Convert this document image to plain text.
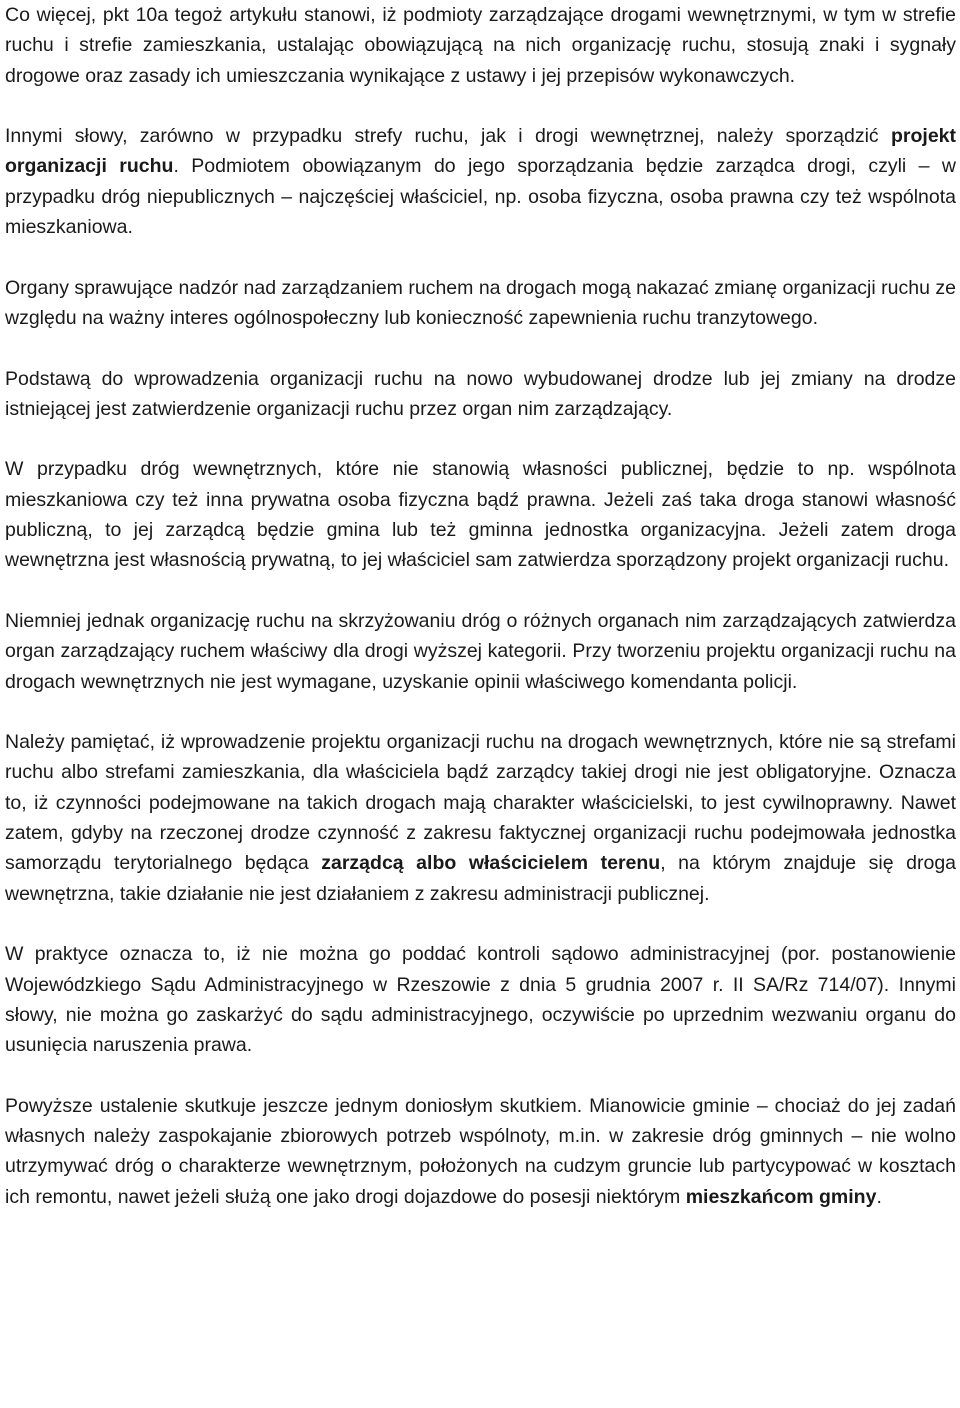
Co więcej, pkt 10a tegoż artykułu stanowi, iż podmioty zarządzające drogami wewnętrznymi, w tym w strefie ruchu i strefie zamieszkania, ustalając obowiązującą na nich organizację ruchu, stosują znaki i sygnały drogowe oraz zasady ich umieszczania wynikające z ustawy i jej przepisów wykonawczych.

Innymi słowy, zarówno w przypadku strefy ruchu, jak i drogi wewnętrznej, należy sporządzić projekt organizacji ruchu. Podmiotem obowiązanym do jego sporządzania będzie zarządca drogi, czyli – w przypadku dróg niepublicznych – najczęściej właściciel, np. osoba fizyczna, osoba prawna czy też wspólnota mieszkaniowa.

Organy sprawujące nadzór nad zarządzaniem ruchem na drogach mogą nakazać zmianę organizacji ruchu ze względu na ważny interes ogólnospołeczny lub konieczność zapewnienia ruchu tranzytowego.

Podstawą do wprowadzenia organizacji ruchu na nowo wybudowanej drodze lub jej zmiany na drodze istniejącej jest zatwierdzenie organizacji ruchu przez organ nim zarządzający.

W przypadku dróg wewnętrznych, które nie stanowią własności publicznej, będzie to np. wspólnota mieszkaniowa czy też inna prywatna osoba fizyczna bądź prawna. Jeżeli zaś taka droga stanowi własność publiczną, to jej zarządcą będzie gmina lub też gminna jednostka organizacyjna. Jeżeli zatem droga wewnętrzna jest własnością prywatną, to jej właściciel sam zatwierdza sporządzony projekt organizacji ruchu.

Niemniej jednak organizację ruchu na skrzyżowaniu dróg o różnych organach nim zarządzających zatwierdza organ zarządzający ruchem właściwy dla drogi wyższej kategorii. Przy tworzeniu projektu organizacji ruchu na drogach wewnętrznych nie jest wymagane, uzyskanie opinii właściwego komendanta policji.

Należy pamiętać, iż wprowadzenie projektu organizacji ruchu na drogach wewnętrznych, które nie są strefami ruchu albo strefami zamieszkania, dla właściciela bądź zarządcy takiej drogi nie jest obligatoryjne. Oznacza to, iż czynności podejmowane na takich drogach mają charakter właścicielski, to jest cywilnoprawny. Nawet zatem, gdyby na rzeczonej drodze czynność z zakresu faktycznej organizacji ruchu podejmowała jednostka samorządu terytorialnego będąca zarządcą albo właścicielem terenu, na którym znajduje się droga wewnętrzna, takie działanie nie jest działaniem z zakresu administracji publicznej.

W praktyce oznacza to, iż nie można go poddać kontroli sądowo administracyjnej (por. postanowienie Wojewódzkiego Sądu Administracyjnego w Rzeszowie z dnia 5 grudnia 2007 r. II SA/Rz 714/07). Innymi słowy, nie można go zaskarżyć do sądu administracyjnego, oczywiście po uprzednim wezwaniu organu do usunięcia naruszenia prawa.

Powyższe ustalenie skutkuje jeszcze jednym doniosłym skutkiem. Mianowicie gminie – chociaż do jej zadań własnych należy zaspokajanie zbiorowych potrzeb wspólnoty, m.in. w zakresie dróg gminnych – nie wolno utrzymywać dróg o charakterze wewnętrznym, położonych na cudzym gruncie lub partycypować w kosztach ich remontu, nawet jeżeli służą one jako drogi dojazdowe do posesji niektórym mieszkańcom gminy.
